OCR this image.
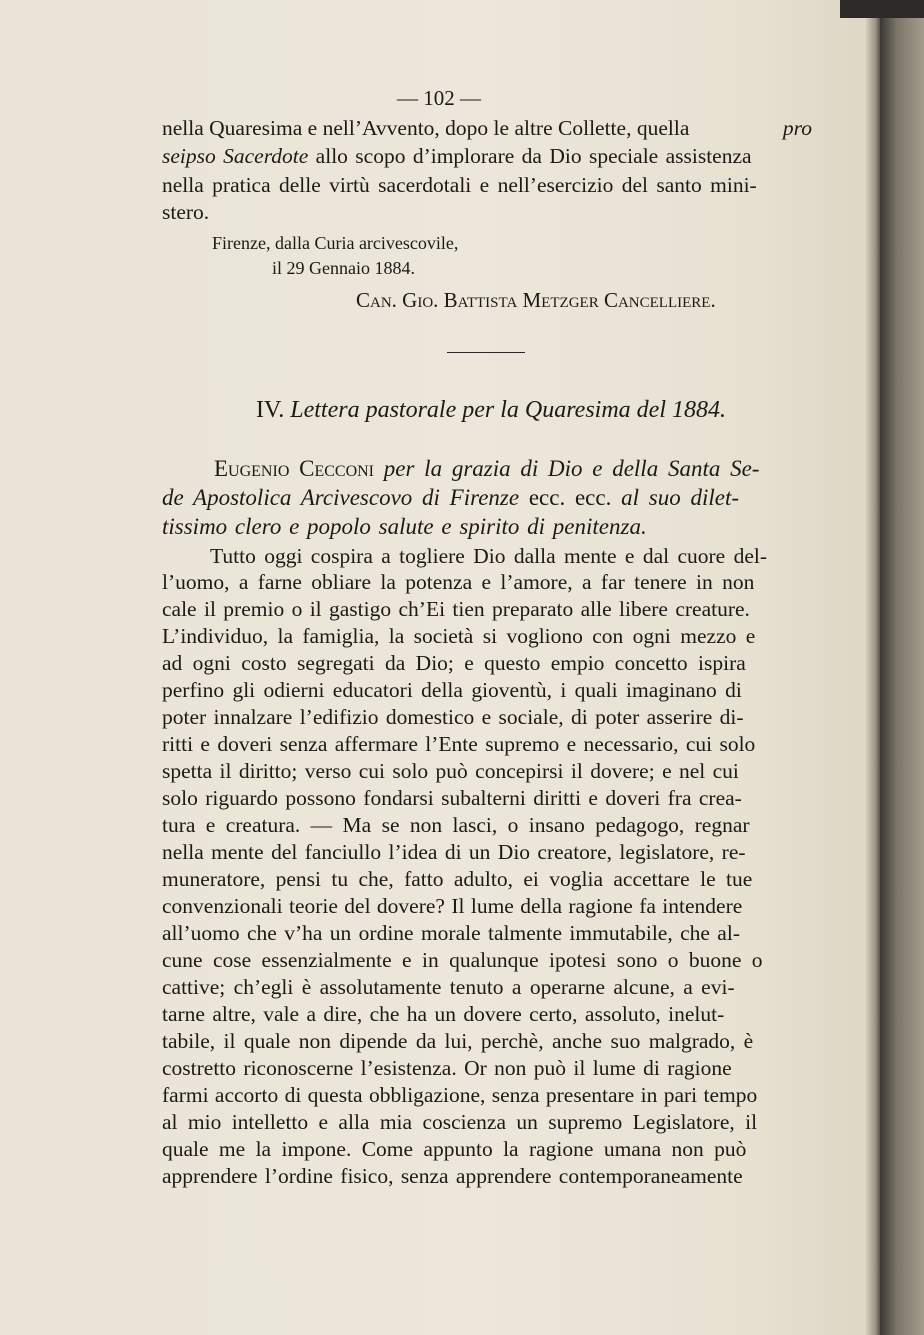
— 102 —
nella Quaresima e nell’Avvento, dopo le altre Collette, quella	pro
seipso Sacerdote allo scopo d’implorare da Dio speciale assistenza
nella pratica delle virtù sacerdotali e nell’esercizio del santo mini-
stero.
Firenze, dalla Curia arcivescovile,
il 29 Gennaio 1884.
Can. Gio. Battista Metzger Cancelliere.
IV. Lettera pastorale per la Quaresima del 1884.
Eugenio Cecconi per la grazia di Dio e della Santa Se-
de Apostolica Arcivescovo di Firenze ecc. ecc. al suo dilet-
tissimo clero e popolo salute e spirito di penitenza.
Tutto oggi cospira a togliere Dio dalla mente e dal cuore del-
l’uomo, a farne obliare la potenza e l’amore, a far tenere in non
cale il premio o il gastigo ch’Ei tien preparato alle libere creature.
L’individuo, la famiglia, la società si vogliono con ogni mezzo e
ad ogni costo segregati da Dio; e questo empio concetto ispira
perfino gli odierni educatori della gioventù, i quali imaginano di
poter innalzare l’edifizio domestico e sociale, di poter asserire di-
ritti e doveri senza affermare l’Ente supremo e necessario, cui solo
spetta il diritto; verso cui solo può concepirsi il dovere; e nel cui
solo riguardo possono fondarsi subalterni diritti e doveri fra crea-
tura e creatura. — Ma se non lasci, o insano pedagogo, regnar
nella mente del fanciullo l’idea di un Dio creatore, legislatore, re-
muneratore, pensi tu che, fatto adulto, ei voglia accettare le tue
convenzionali teorie del dovere? Il lume della ragione fa intendere
all’uomo che v’ha un ordine morale talmente immutabile, che al-
cune cose essenzialmente e in qualunque ipotesi sono o buone o
cattive; ch’egli è assolutamente tenuto a operarne alcune, a evi-
tarne altre, vale a dire, che ha un dovere certo, assoluto, inelut-
tabile, il quale non dipende da lui, perchè, anche suo malgrado, è
costretto riconoscerne l’esistenza. Or non può il lume di ragione
farmi accorto di questa obbligazione, senza presentare in pari tempo
al mio intelletto e alla mia coscienza un supremo Legislatore, il
quale me la impone. Come appunto la ragione umana non può
apprendere l’ordine fisico, senza apprendere contemporaneamente
